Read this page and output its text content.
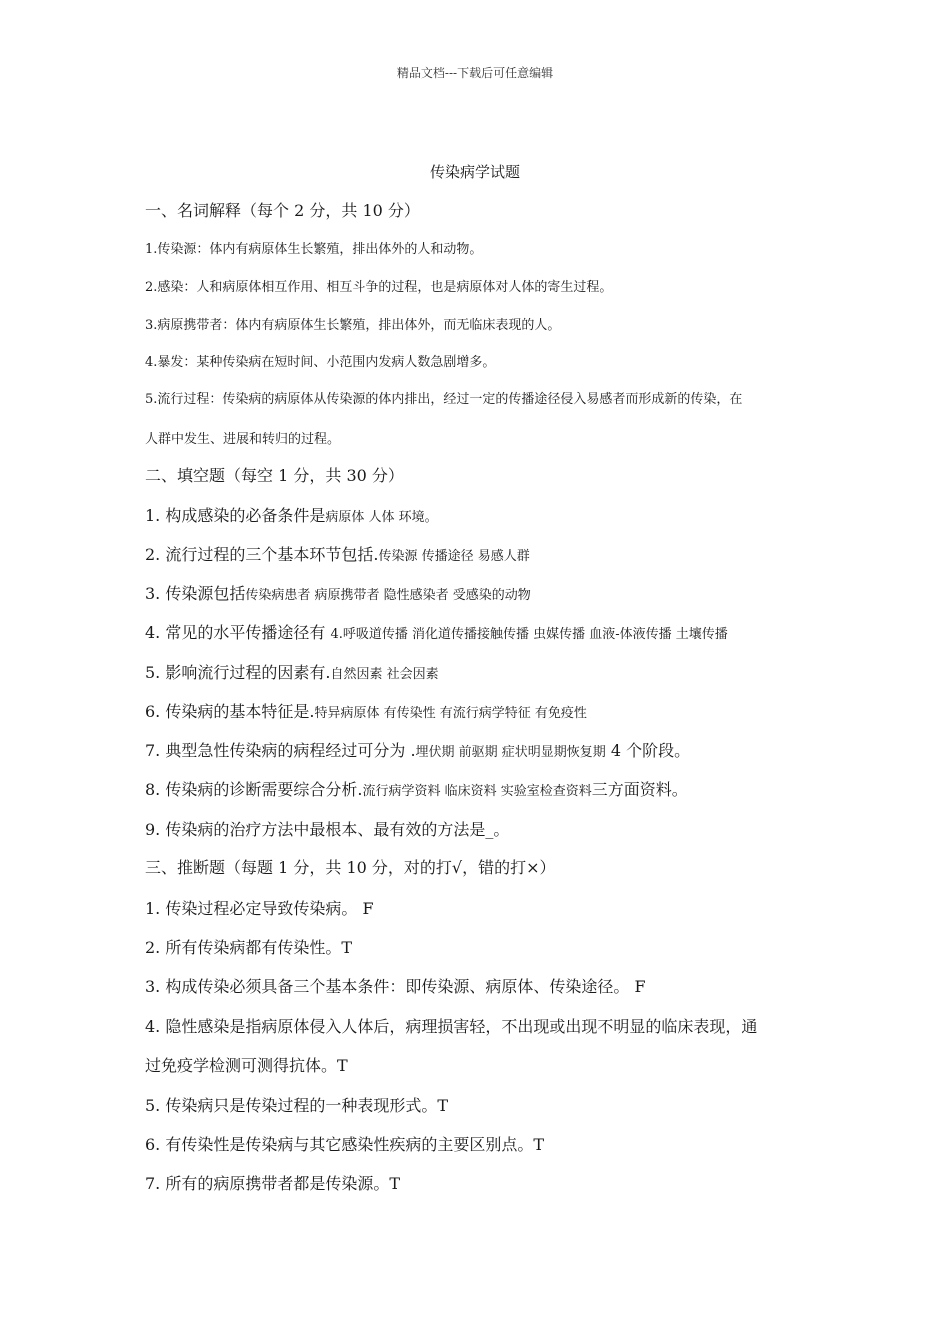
精品文档---下载后可任意编辑
传染病学试题
一、名词解释（每个 2 分，共 10 分）
1.传染源：体内有病原体生长繁殖，排出体外的人和动物。
2.感染：人和病原体相互作用、相互斗争的过程，也是病原体对人体的寄生过程。
3.病原携带者：体内有病原体生长繁殖，排出体外，而无临床表现的人。
4.暴发：某种传染病在短时间、小范围内发病人数急剧增多。
5.流行过程：传染病的病原体从传染源的体内排出，经过一定的传播途径侵入易感者而形成新的传染，在
人群中发生、进展和转归的过程。
二、填空题（每空 1 分，共 30 分）
1. 构成感染的必备条件是病原体 人体 环境。
2. 流行过程的三个基本环节包括.传染源 传播途径 易感人群
3. 传染源包括传染病患者 病原携带者 隐性感染者 受感染的动物
4. 常见的水平传播途径有 4.呼吸道传播 消化道传播接触传播 虫媒传播 血液-体液传播 土壤传播
5. 影响流行过程的因素有.自然因素 社会因素
6. 传染病的基本特征是.特异病原体 有传染性 有流行病学特征 有免疫性
7. 典型急性传染病的病程经过可分为 .埋伏期 前驱期 症状明显期恢复期 4 个阶段。
8. 传染病的诊断需要综合分析.流行病学资料 临床资料 实验室检查资料三方面资料。
9. 传染病的治疗方法中最根本、最有效的方法是_。
三、推断题（每题 1 分，共 10 分，对的打√，错的打×）
1. 传染过程必定导致传染病。 F
2. 所有传染病都有传染性。T
3. 构成传染必须具备三个基本条件：即传染源、病原体、传染途径。 F
4. 隐性感染是指病原体侵入人体后，病理损害轻，不出现或出现不明显的临床表现，通
过免疫学检测可测得抗体。T
5. 传染病只是传染过程的一种表现形式。T
6. 有传染性是传染病与其它感染性疾病的主要区别点。T
7. 所有的病原携带者都是传染源。T
